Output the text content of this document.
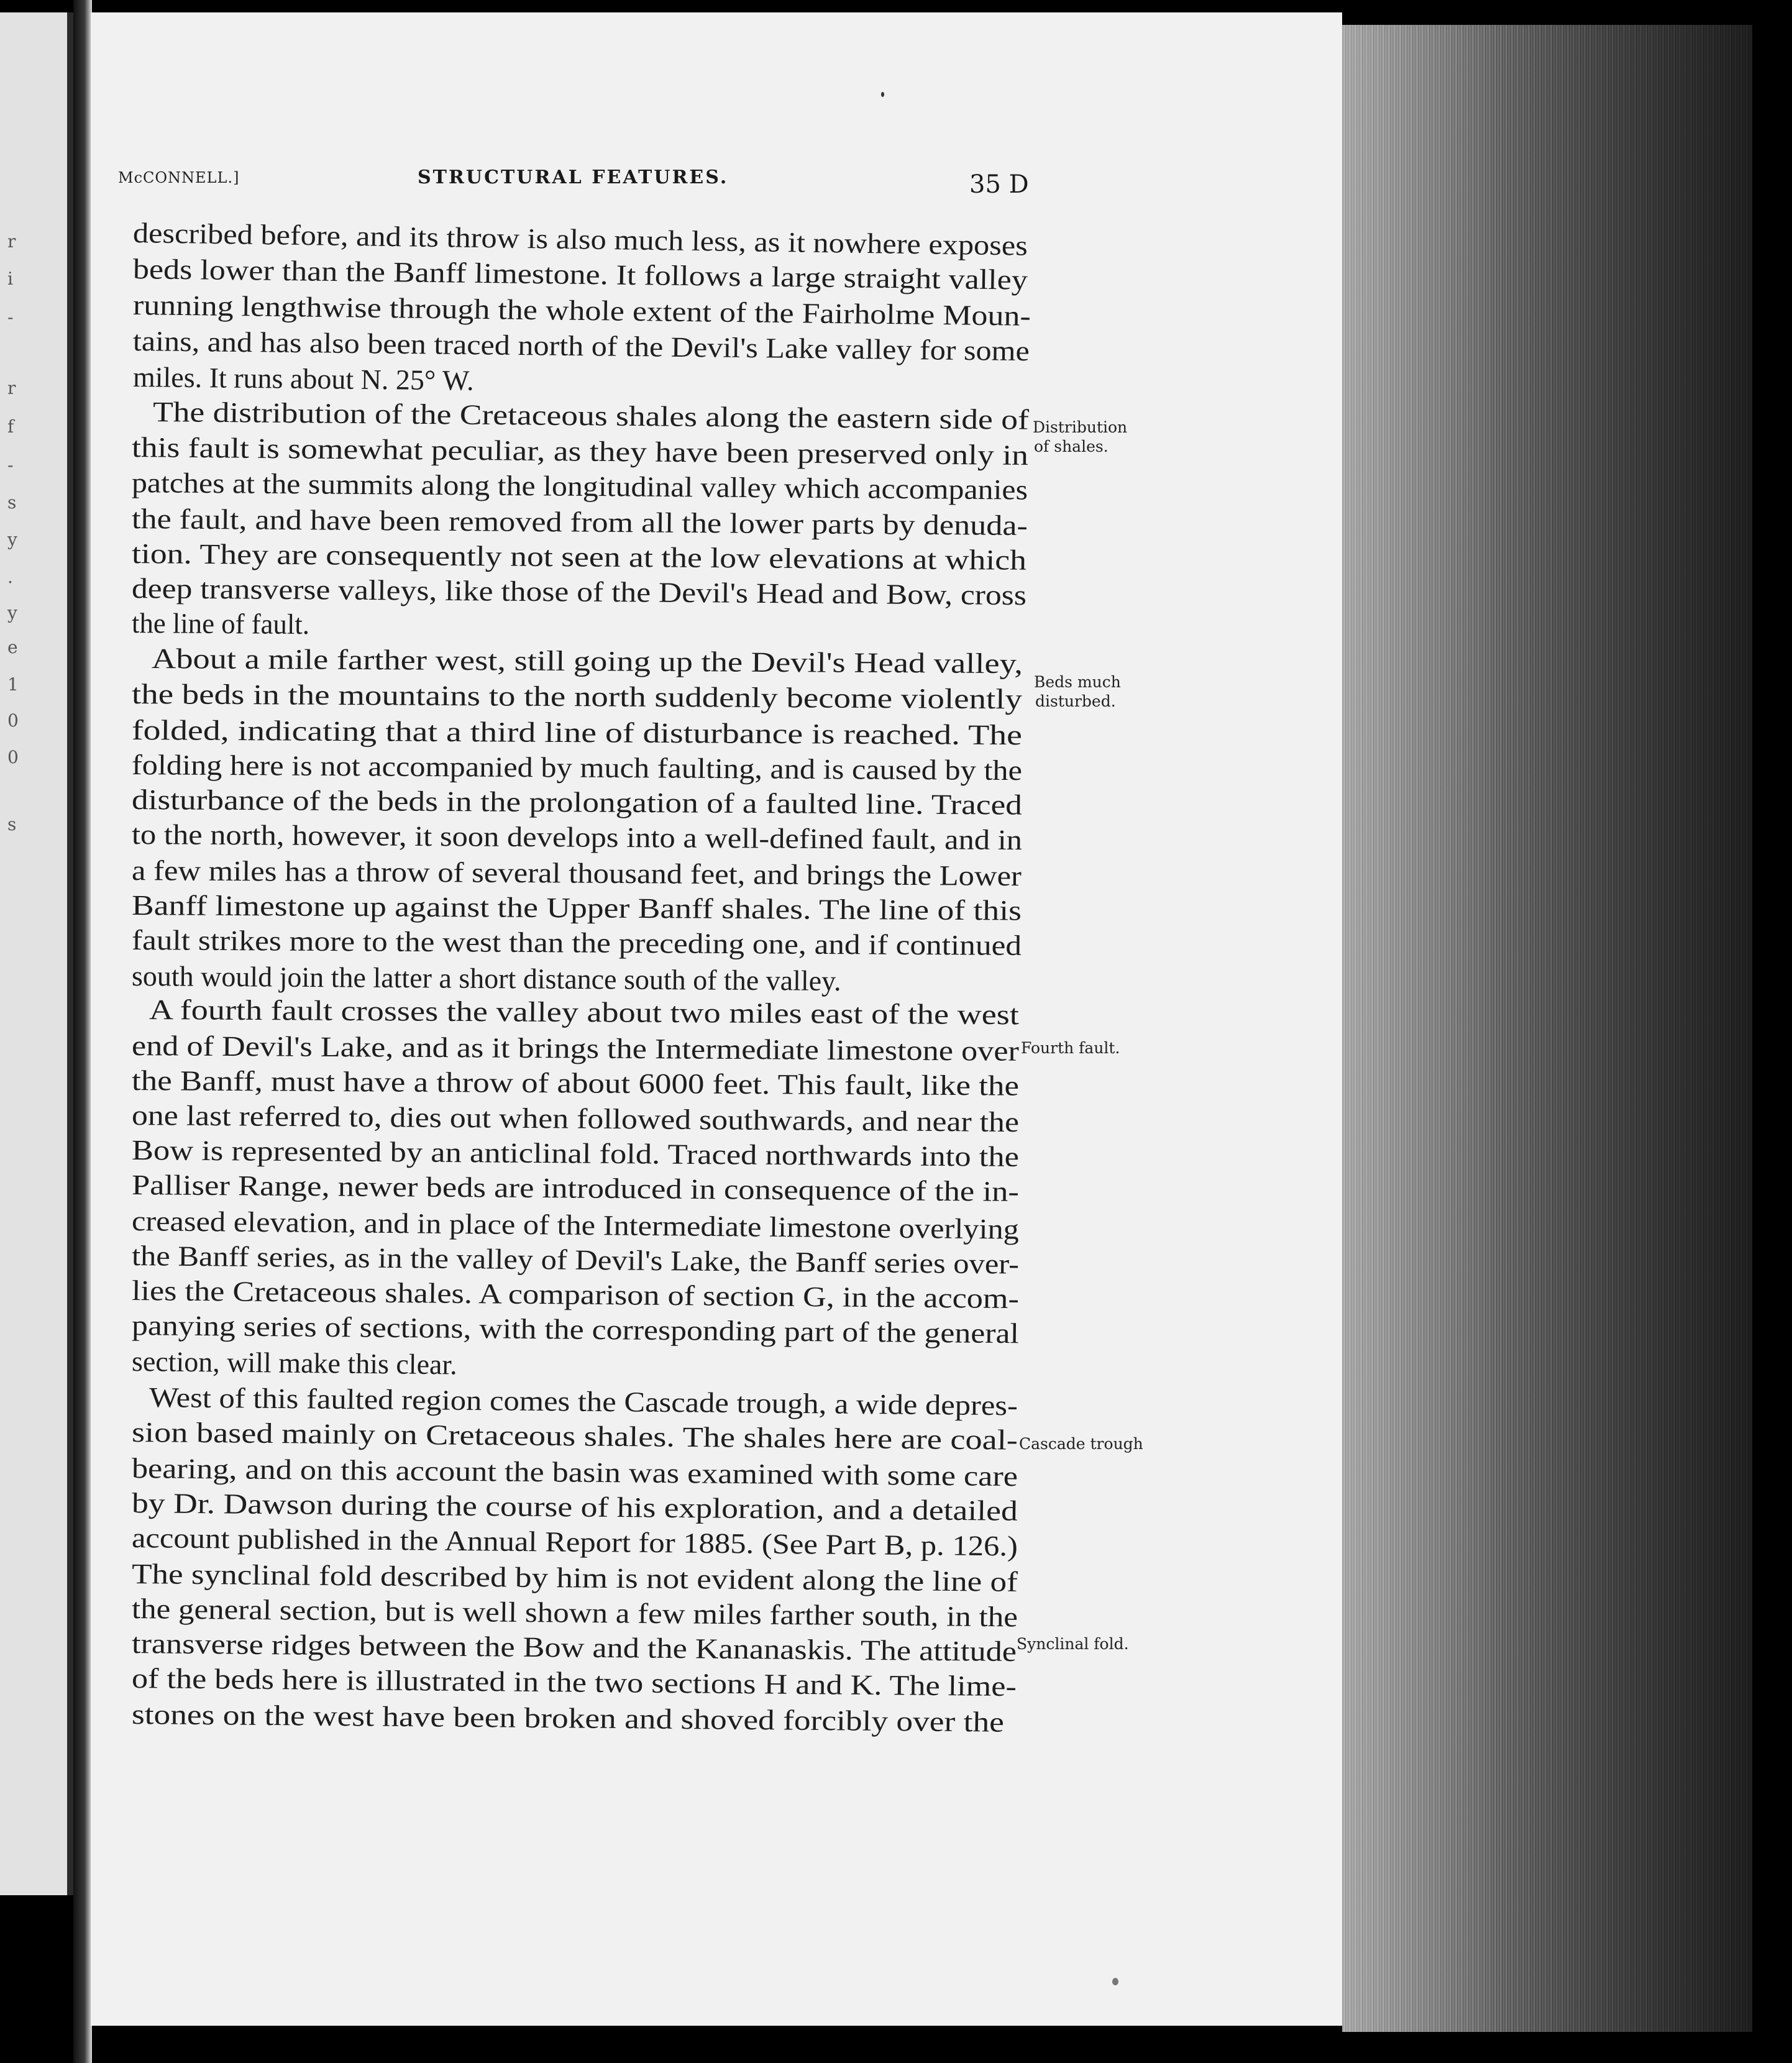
r
i
-
r
f
-
s
y
.
y
e
1
0
0
s
McCONNELL.]	STRUCTURAL FEATURES.	35 D
described before, and its throw is also much less, as it nowhere exposes
beds lower than the Banff limestone. It follows a large straight valley
running lengthwise through the whole extent of the Fairholme Moun-
tains, and has also been traced north of the Devil's Lake valley for some
miles. It runs about N. 25° W.
The distribution of the Cretaceous shales along the eastern side of
this fault is somewhat peculiar, as they have been preserved only in
patches at the summits along the longitudinal valley which accompanies
the fault, and have been removed from all the lower parts by denuda-
tion. They are consequently not seen at the low elevations at which
deep transverse valleys, like those of the Devil's Head and Bow, cross
the line of fault.
About a mile farther west, still going up the Devil's Head valley,
the beds in the mountains to the north suddenly become violently
folded, indicating that a third line of disturbance is reached. The
folding here is not accompanied by much faulting, and is caused by the
disturbance of the beds in the prolongation of a faulted line. Traced
to the north, however, it soon develops into a well-defined fault, and in
a few miles has a throw of several thousand feet, and brings the Lower
Banff limestone up against the Upper Banff shales. The line of this
fault strikes more to the west than the preceding one, and if continued
south would join the latter a short distance south of the valley.
A fourth fault crosses the valley about two miles east of the west
end of Devil's Lake, and as it brings the Intermediate limestone over
the Banff, must have a throw of about 6000 feet. This fault, like the
one last referred to, dies out when followed southwards, and near the
Bow is represented by an anticlinal fold. Traced northwards into the
Palliser Range, newer beds are introduced in consequence of the in-
creased elevation, and in place of the Intermediate limestone overlying
the Banff series, as in the valley of Devil's Lake, the Banff series over-
lies the Cretaceous shales. A comparison of section G, in the accom-
panying series of sections, with the corresponding part of the general
section, will make this clear.
West of this faulted region comes the Cascade trough, a wide depres-
sion based mainly on Cretaceous shales. The shales here are coal-
bearing, and on this account the basin was examined with some care
by Dr. Dawson during the course of his exploration, and a detailed
account published in the Annual Report for 1885. (See Part B, p. 126.)
The synclinal fold described by him is not evident along the line of
the general section, but is well shown a few miles farther south, in the
transverse ridges between the Bow and the Kananaskis. The attitude
of the beds here is illustrated in the two sections H and K. The lime-
stones on the west have been broken and shoved forcibly over the
Distribution
of shales.
Beds much
disturbed.
Fourth fault.
Cascade trough
Synclinal fold.
